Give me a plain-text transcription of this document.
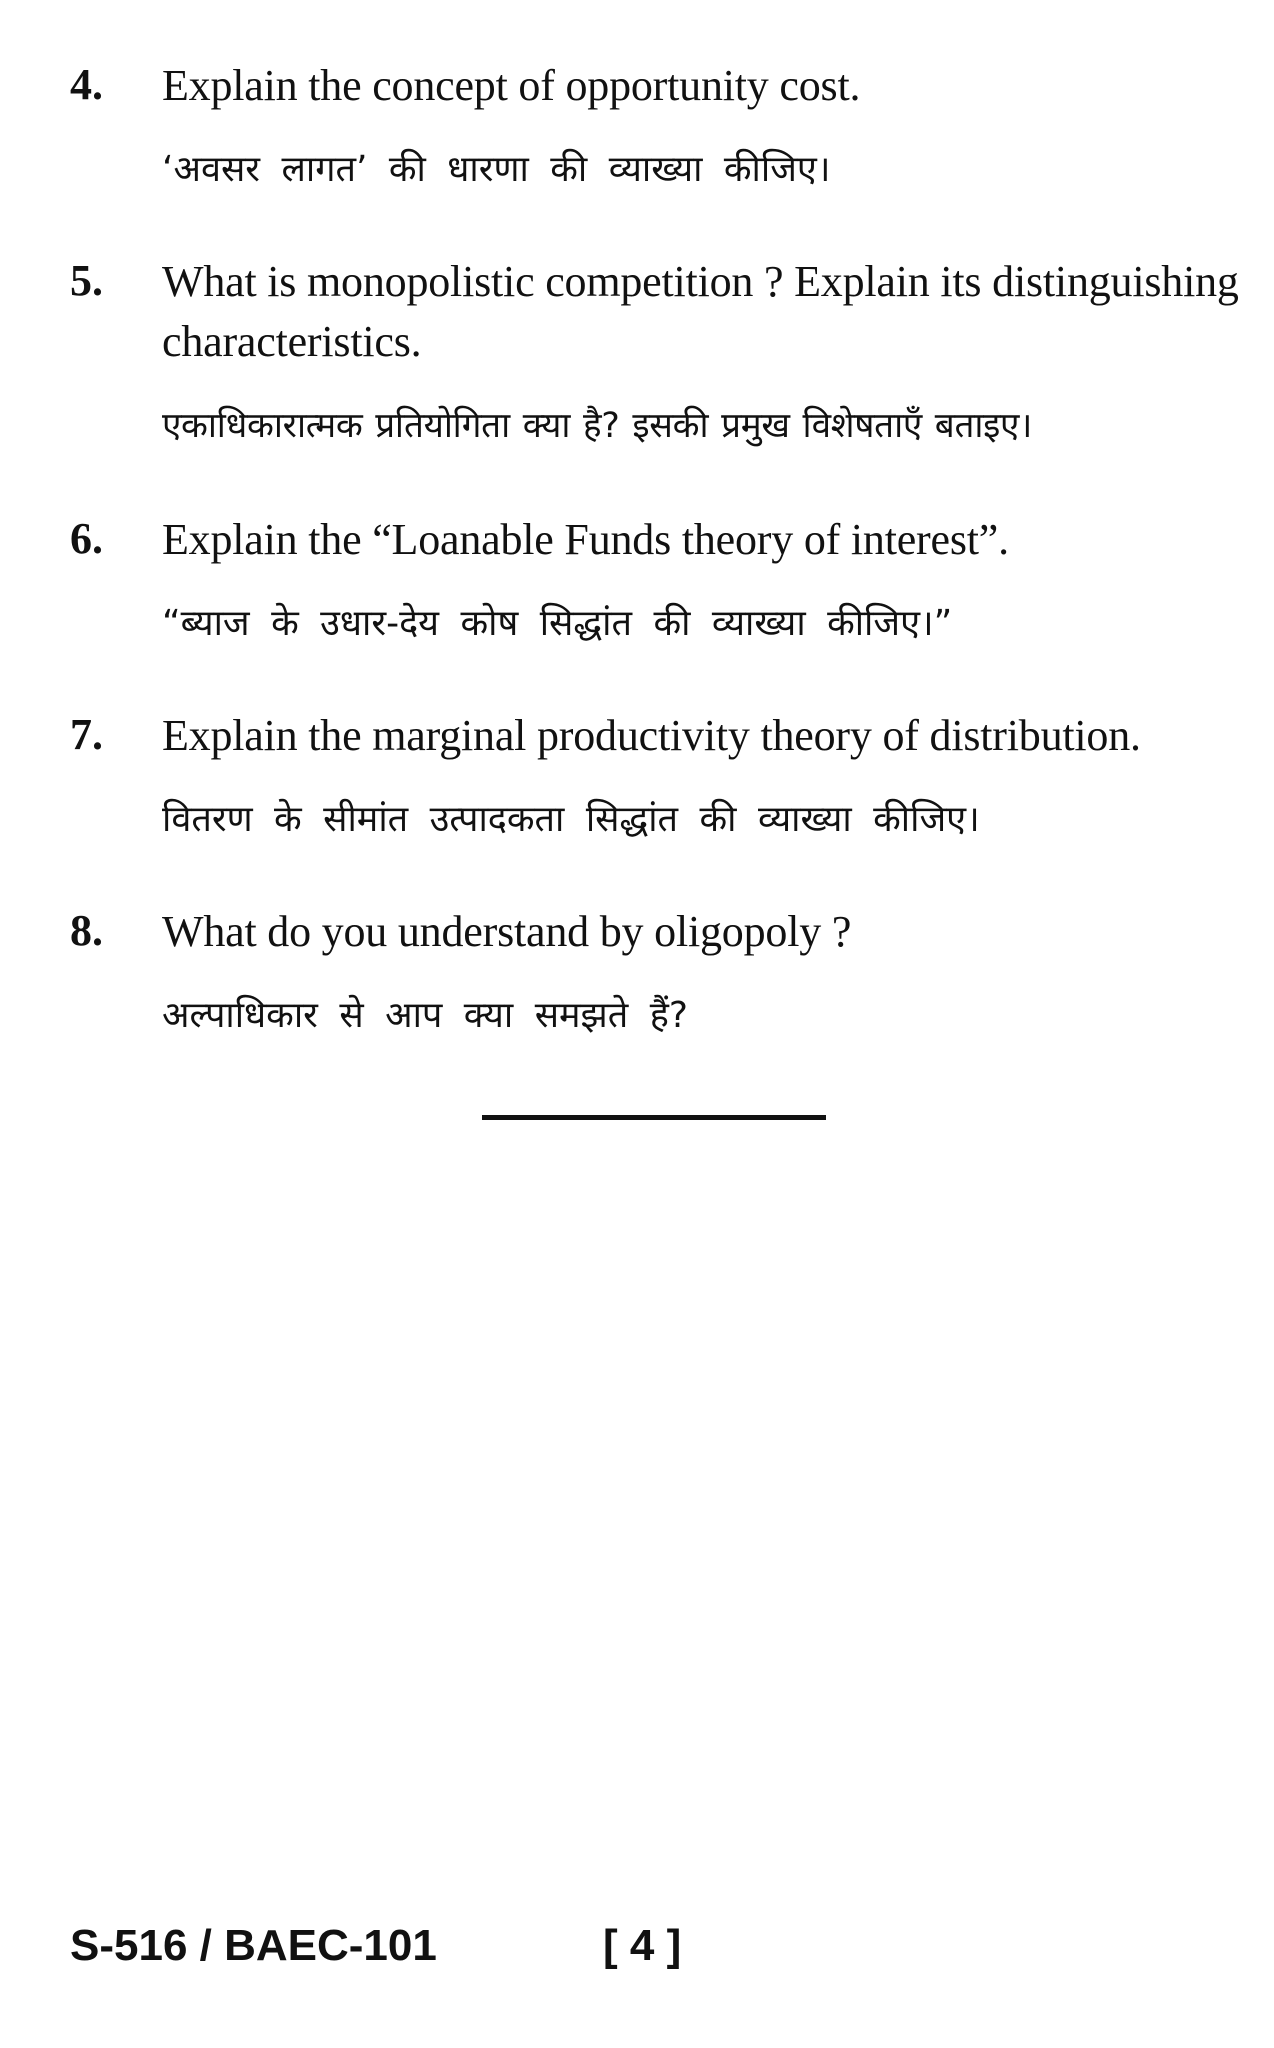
4. Explain the concept of opportunity cost.

‘अवसर लागत’ की धारणा की व्याख्या कीजिए।

5. What is monopolistic competition ? Explain its distinguishing characteristics.

एकाधिकारात्मक प्रतियोगिता क्या है? इसकी प्रमुख विशेषताएँ बताइए।

6. Explain the “Loanable Funds theory of interest”.

“ब्याज के उधार-देय कोष सिद्धांत की व्याख्या कीजिए।”

7. Explain the marginal productivity theory of distribution.

वितरण के सीमांत उत्पादकता सिद्धांत की व्याख्या कीजिए।

8. What do you understand by oligopoly ?

अल्पाधिकार से आप क्या समझते हैं?

S-516 / BAEC-101	[ 4 ]
